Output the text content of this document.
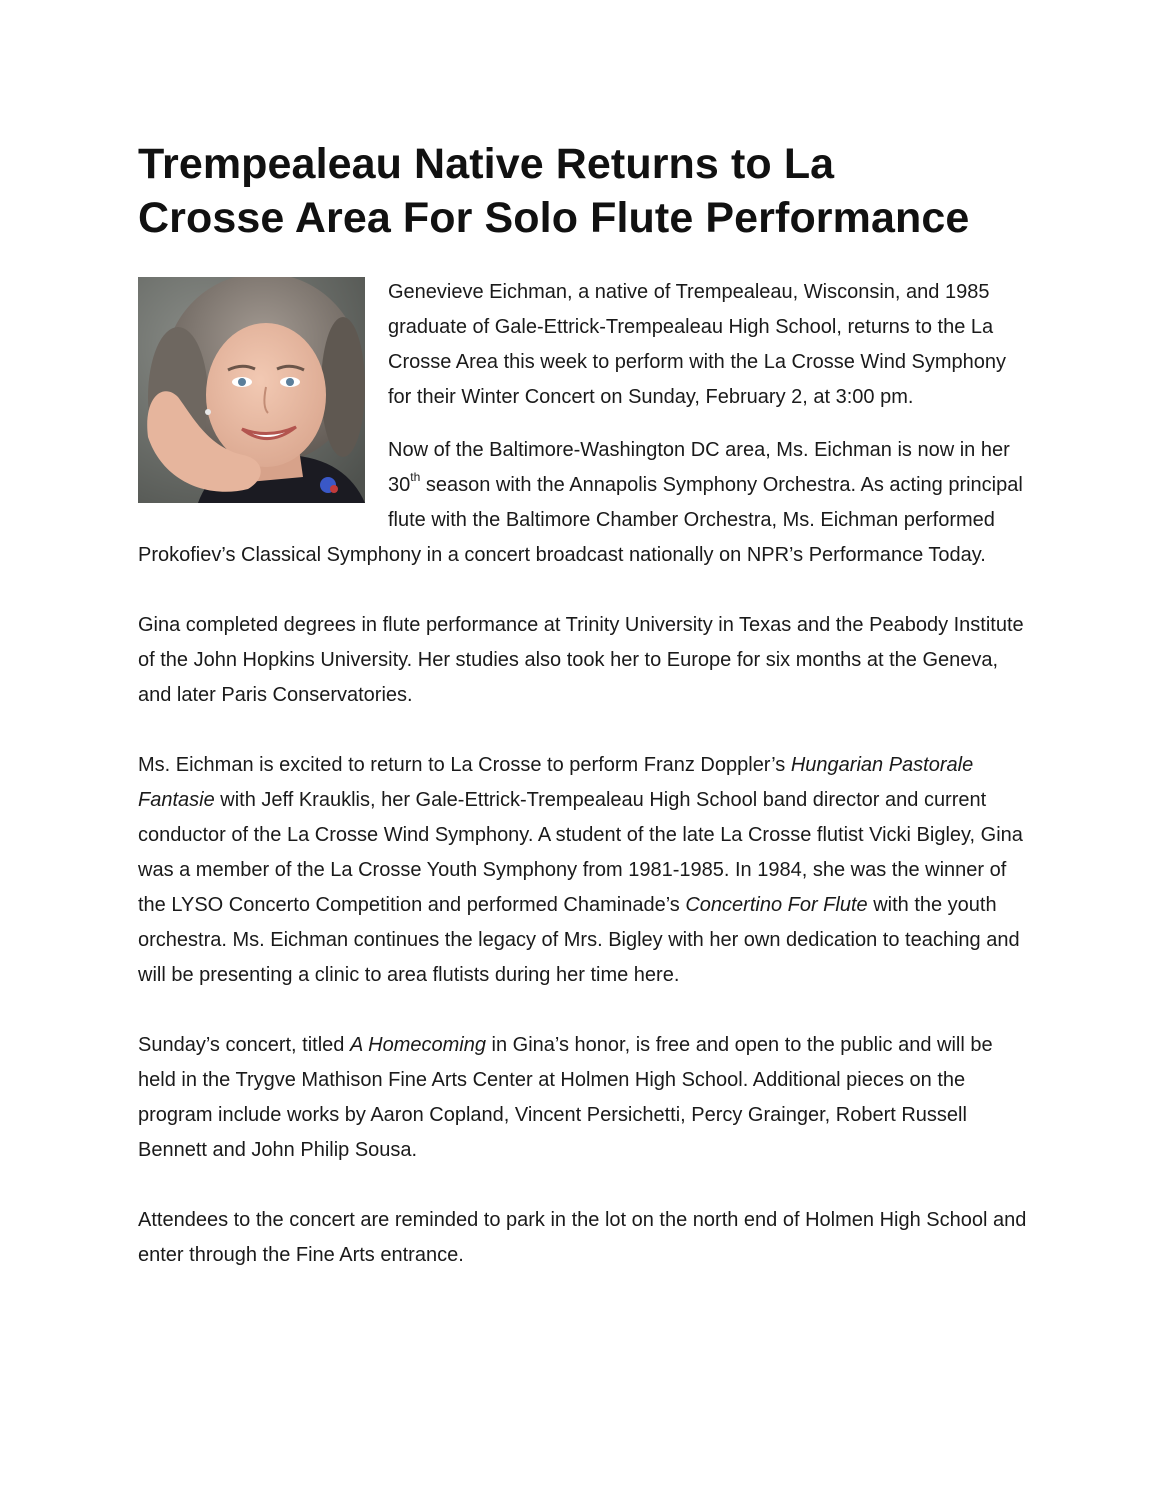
Trempealeau Native Returns to La
Crosse Area For Solo Flute Performance

Genevieve Eichman, a native of Trempealeau, Wisconsin, and 1985 graduate of Gale-Ettrick-Trempealeau High School, returns to the La Crosse Area this week to perform with the La Crosse Wind Symphony for their Winter Concert on Sunday, February 2, at 3:00 pm.

Now of the Baltimore-Washington DC area, Ms. Eichman is now in her 30th season with the Annapolis Symphony Orchestra. As acting principal flute with the Baltimore Chamber Orchestra, Ms. Eichman performed Prokofiev’s Classical Symphony in a concert broadcast nationally on NPR’s Performance Today.

Gina completed degrees in flute performance at Trinity University in Texas and the Peabody Institute of the John Hopkins University. Her studies also took her to Europe for six months at the Geneva, and later Paris Conservatories.

Ms. Eichman is excited to return to La Crosse to perform Franz Doppler’s Hungarian Pastorale Fantasie with Jeff Krauklis, her Gale-Ettrick-Trempealeau High School band director and current conductor of the La Crosse Wind Symphony. A student of the late La Crosse flutist Vicki Bigley, Gina was a member of the La Crosse Youth Symphony from 1981-1985. In 1984, she was the winner of the LYSO Concerto Competition and performed Chaminade’s Concertino For Flute with the youth orchestra. Ms. Eichman continues the legacy of Mrs. Bigley with her own dedication to teaching and will be presenting a clinic to area flutists during her time here.

Sunday’s concert, titled A Homecoming in Gina’s honor, is free and open to the public and will be held in the Trygve Mathison Fine Arts Center at Holmen High School. Additional pieces on the program include works by Aaron Copland, Vincent Persichetti, Percy Grainger, Robert Russell Bennett and John Philip Sousa.

Attendees to the concert are reminded to park in the lot on the north end of Holmen High School and enter through the Fine Arts entrance.
